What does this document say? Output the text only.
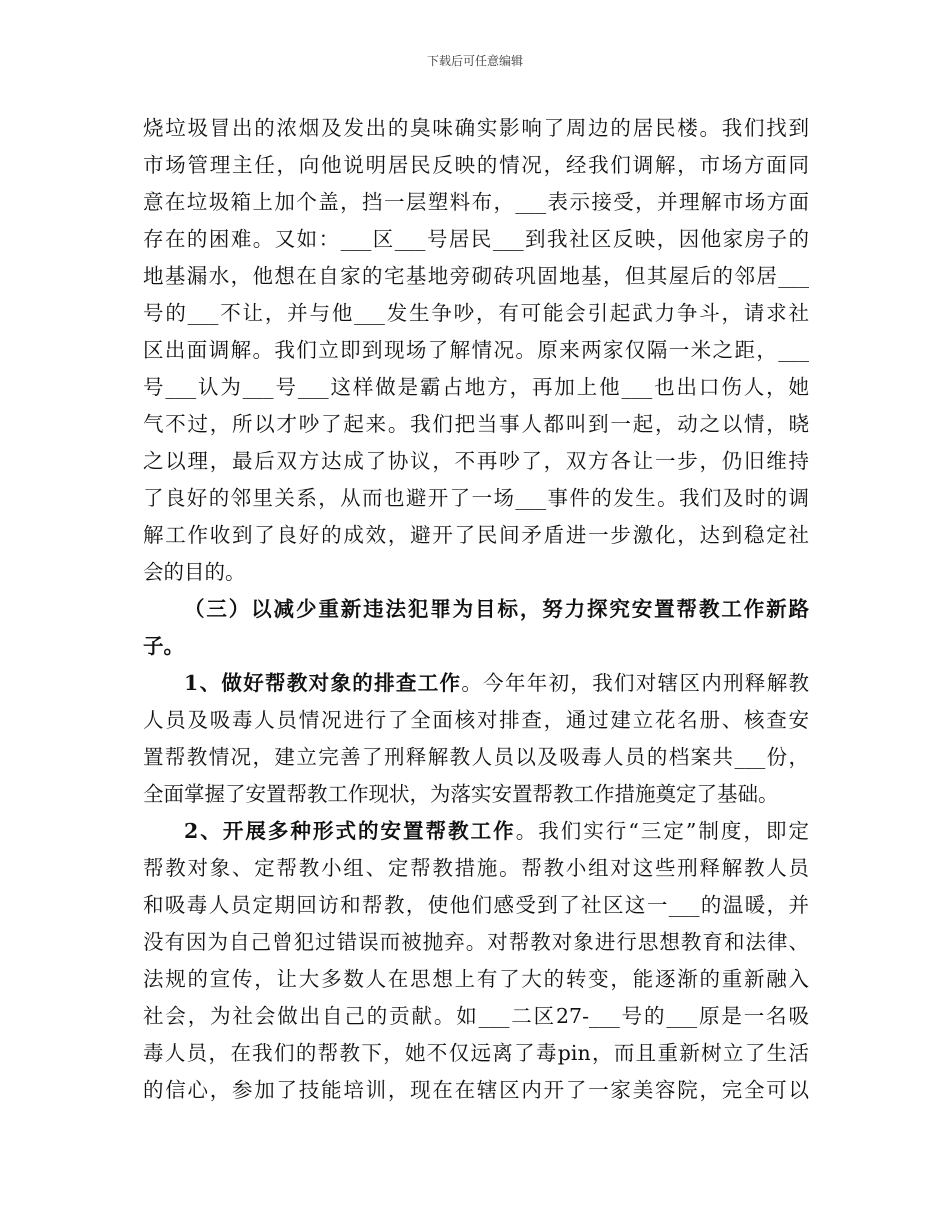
下载后可任意编辑
烧垃圾冒出的浓烟及发出的臭味确实影响了周边的居民楼。我们找到
市场管理主任，向他说明居民反映的情况，经我们调解，市场方面同
意在垃圾箱上加个盖，挡一层塑料布，___表示接受，并理解市场方面
存在的困难。又如：___区___号居民___到我社区反映，因他家房子的
地基漏水，他想在自家的宅基地旁砌砖巩固地基，但其屋后的邻居___
号的___不让，并与他___发生争吵，有可能会引起武力争斗，请求社
区出面调解。我们立即到现场了解情况。原来两家仅隔一米之距，___
号___认为___号___这样做是霸占地方，再加上他___也出口伤人，她
气不过，所以才吵了起来。我们把当事人都叫到一起，动之以情，晓
之以理，最后双方达成了协议，不再吵了，双方各让一步，仍旧维持
了良好的邻里关系，从而也避开了一场___事件的发生。我们及时的调
解工作收到了良好的成效，避开了民间矛盾进一步激化，达到稳定社
会的目的。
（三）以减少重新违法犯罪为目标，努力探究安置帮教工作新路
子。
1、做好帮教对象的排查工作。今年年初，我们对辖区内刑释解教
人员及吸毒人员情况进行了全面核对排查，通过建立花名册、核查安
置帮教情况，建立完善了刑释解教人员以及吸毒人员的档案共___份，
全面掌握了安置帮教工作现状，为落实安置帮教工作措施奠定了基础。
2、开展多种形式的安置帮教工作。我们实行“三定”制度，即定
帮教对象、定帮教小组、定帮教措施。帮教小组对这些刑释解教人员
和吸毒人员定期回访和帮教，使他们感受到了社区这一___的温暖，并
没有因为自己曾犯过错误而被抛弃。对帮教对象进行思想教育和法律、
法规的宣传，让大多数人在思想上有了大的转变，能逐渐的重新融入
社会，为社会做出自己的贡献。如___二区27-___号的___原是一名吸
毒人员，在我们的帮教下，她不仅远离了毒pin，而且重新树立了生活
的信心，参加了技能培训，现在在辖区内开了一家美容院，完全可以
